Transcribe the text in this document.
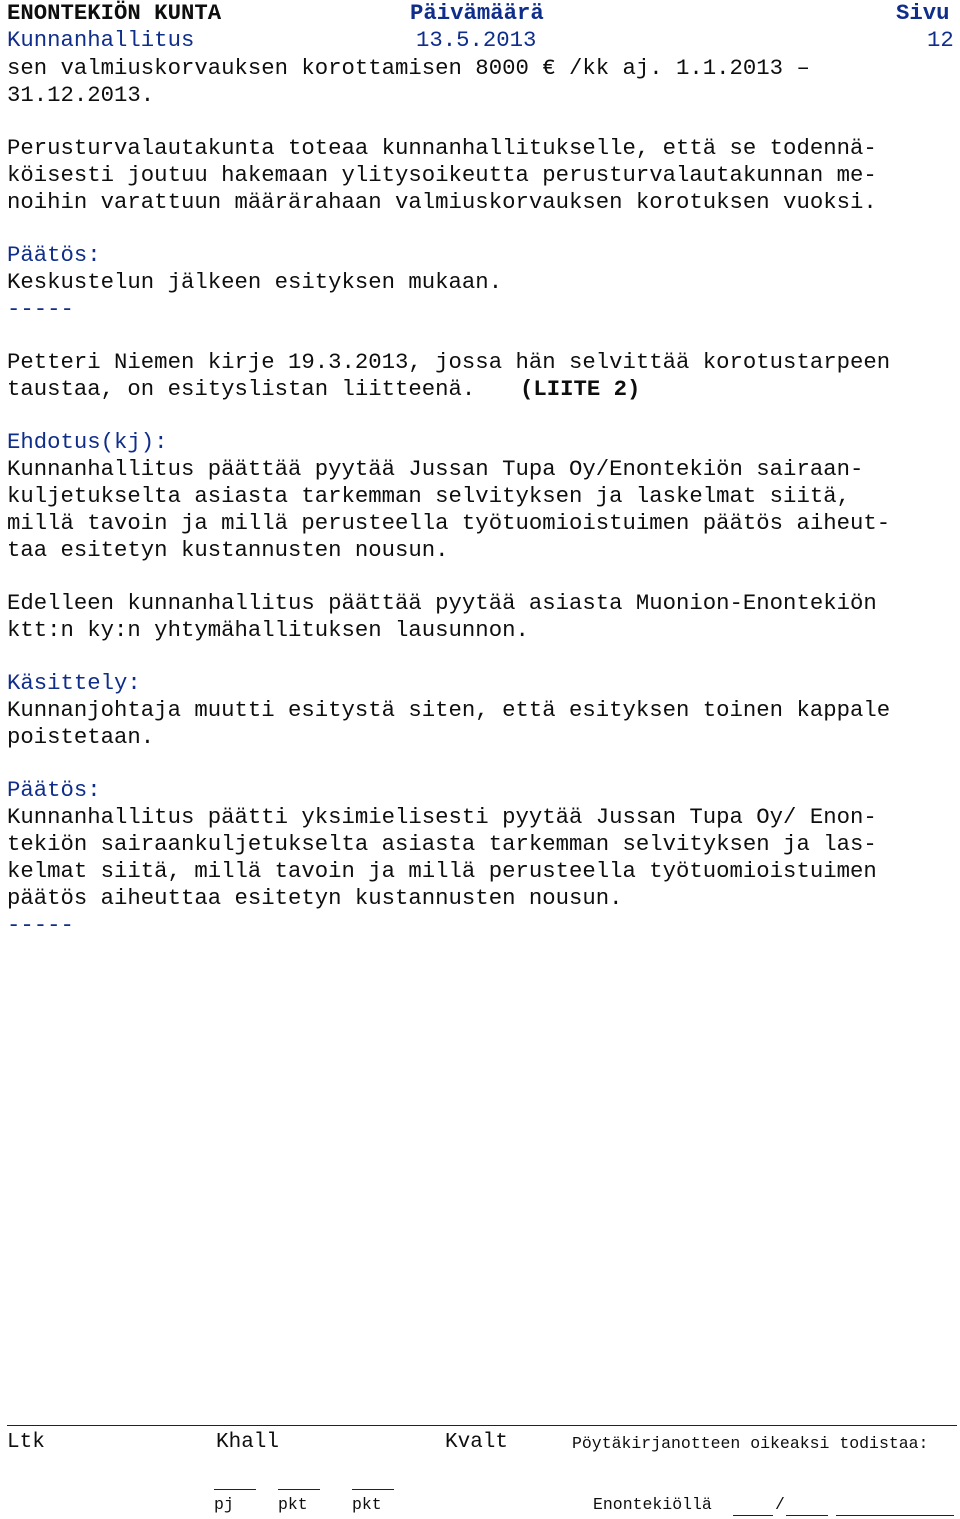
ENONTEKIÖN KUNTA	Päivämäärä	Sivu
Kunnanhallitus	13.5.2013	12
sen valmiuskorvauksen korottamisen 8000 € /kk aj. 1.1.2013 –
31.12.2013.
Perusturvalautakunta toteaa kunnanhallitukselle, että se todennä-
köisesti joutuu hakemaan ylitysoikeutta perusturvalautakunnan me-
noihin varattuun määrärahaan valmiuskorvauksen korotuksen vuoksi.
Päätös:
Keskustelun jälkeen esityksen mukaan.
-----
Petteri Niemen kirje 19.3.2013, jossa hän selvittää korotustarpeen
taustaa, on esityslistan liitteenä. (LIITE 2)
Ehdotus(kj):
Kunnanhallitus päättää pyytää Jussan Tupa Oy/Enontekiön sairaan-
kuljetukselta asiasta tarkemman selvityksen ja laskelmat siitä,
millä tavoin ja millä perusteella työtuomioistuimen päätös aiheut-
taa esitetyn kustannusten nousun.
Edelleen kunnanhallitus päättää pyytää asiasta Muonion-Enontekiön
ktt:n ky:n yhtymähallituksen lausunnon.
Käsittely:
Kunnanjohtaja muutti esitystä siten, että esityksen toinen kappale
poistetaan.
Päätös:
Kunnanhallitus päätti yksimielisesti pyytää Jussan Tupa Oy/ Enon-
tekiön sairaankuljetukselta asiasta tarkemman selvityksen ja las-
kelmat siitä, millä tavoin ja millä perusteella työtuomioistuimen
päätös aiheuttaa esitetyn kustannusten nousun.
-----
Ltk	Khall	Kvalt	Pöytäkirjanotteen oikeaksi todistaa:
pj	pkt	pkt	Enontekiöllä	/
